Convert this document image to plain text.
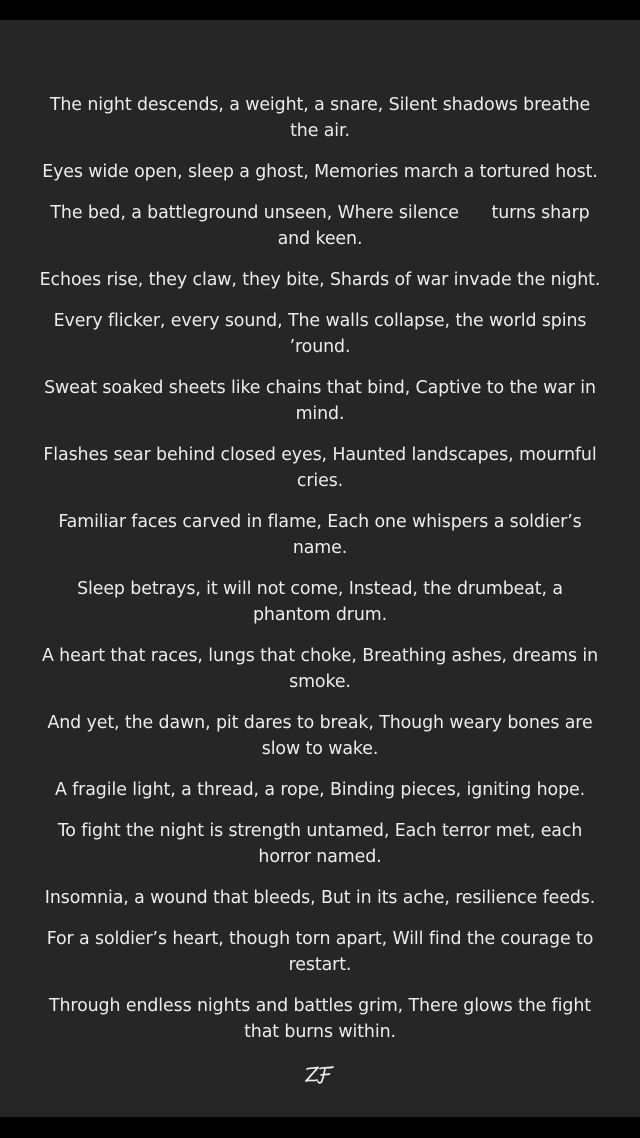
The night descends, a weight, a snare, Silent shadows breathe the air.

Eyes wide open, sleep a ghost, Memories march a tortured host.

The bed, a battleground unseen, Where silence      turns sharp and keen.

Echoes rise, they claw, they bite, Shards of war invade the night.

Every flicker, every sound, The walls collapse, the world spins ’round.

Sweat soaked sheets like chains that bind, Captive to the war in mind.

Flashes sear behind closed eyes, Haunted landscapes, mournful cries.

Familiar faces carved in flame, Each one whispers a soldier’s name.

Sleep betrays, it will not come, Instead, the drumbeat, a phantom drum.

A heart that races, lungs that choke, Breathing ashes, dreams in smoke.

And yet, the dawn, pit dares to break, Though weary bones are slow to wake.

A fragile light, a thread, a rope, Binding pieces, igniting hope.

To fight the night is strength untamed, Each terror met, each horror named.

Insomnia, a wound that bleeds, But in its ache, resilience feeds.

For a soldier’s heart, though torn apart, Will find the courage to restart.

Through endless nights and battles grim, There glows the fight that burns within.
